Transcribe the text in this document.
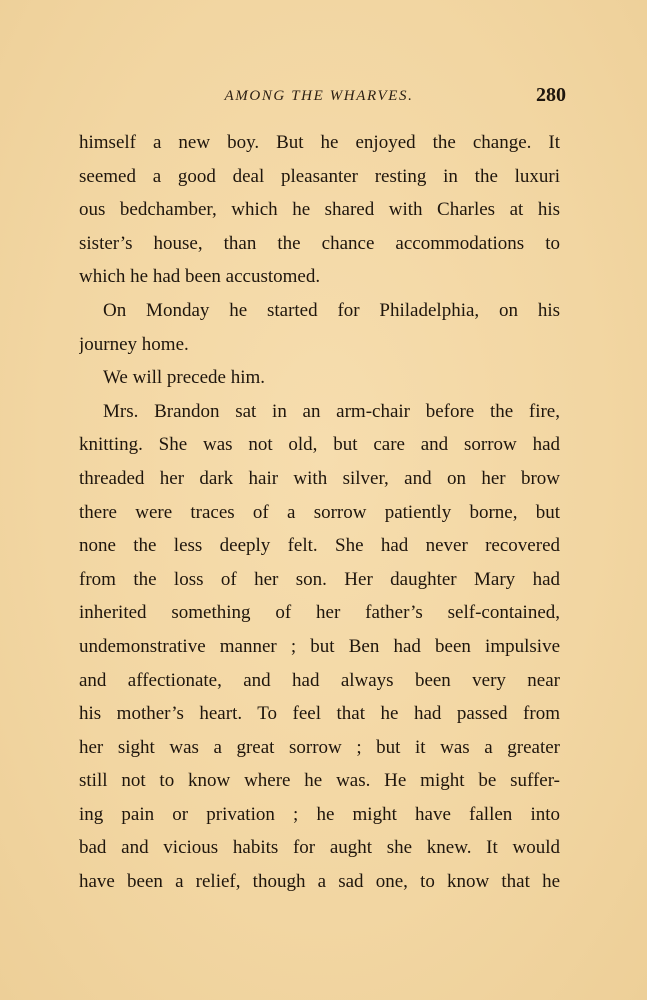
AMONG THE WHARVES.	280
himself a new boy. But he enjoyed the change. It
seemed a good deal pleasanter resting in the luxuri
ous bedchamber, which he shared with Charles at his
sister’s house, than the chance accommodations to
which he had been accustomed.
On Monday he started for Philadelphia, on his
journey home.
We will precede him.
Mrs. Brandon sat in an arm-chair before the fire,
knitting. She was not old, but care and sorrow had
threaded her dark hair with silver, and on her brow
there were traces of a sorrow patiently borne, but
none the less deeply felt. She had never recovered
from the loss of her son. Her daughter Mary had
inherited something of her father’s self-contained,
undemonstrative manner ; but Ben had been impulsive
and affectionate, and had always been very near
his mother’s heart. To feel that he had passed from
her sight was a great sorrow ; but it was a greater
still not to know where he was. He might be suffer-
ing pain or privation ; he might have fallen into
bad and vicious habits for aught she knew. It would
have been a relief, though a sad one, to know that he
